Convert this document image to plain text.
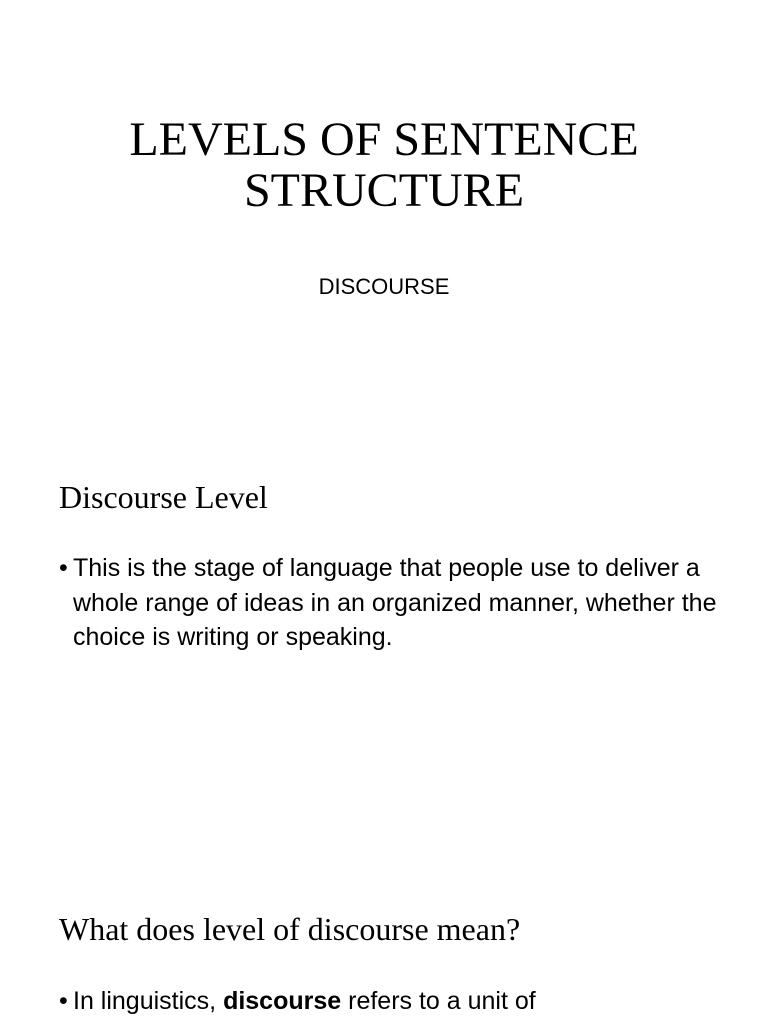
LEVELS OF SENTENCE
STRUCTURE

DISCOURSE

Discourse Level

• This is the stage of language that people use to deliver a whole range of ideas in an organized manner, whether the choice is writing or speaking.

What does level of discourse mean?

• In linguistics, discourse refers to a unit of
